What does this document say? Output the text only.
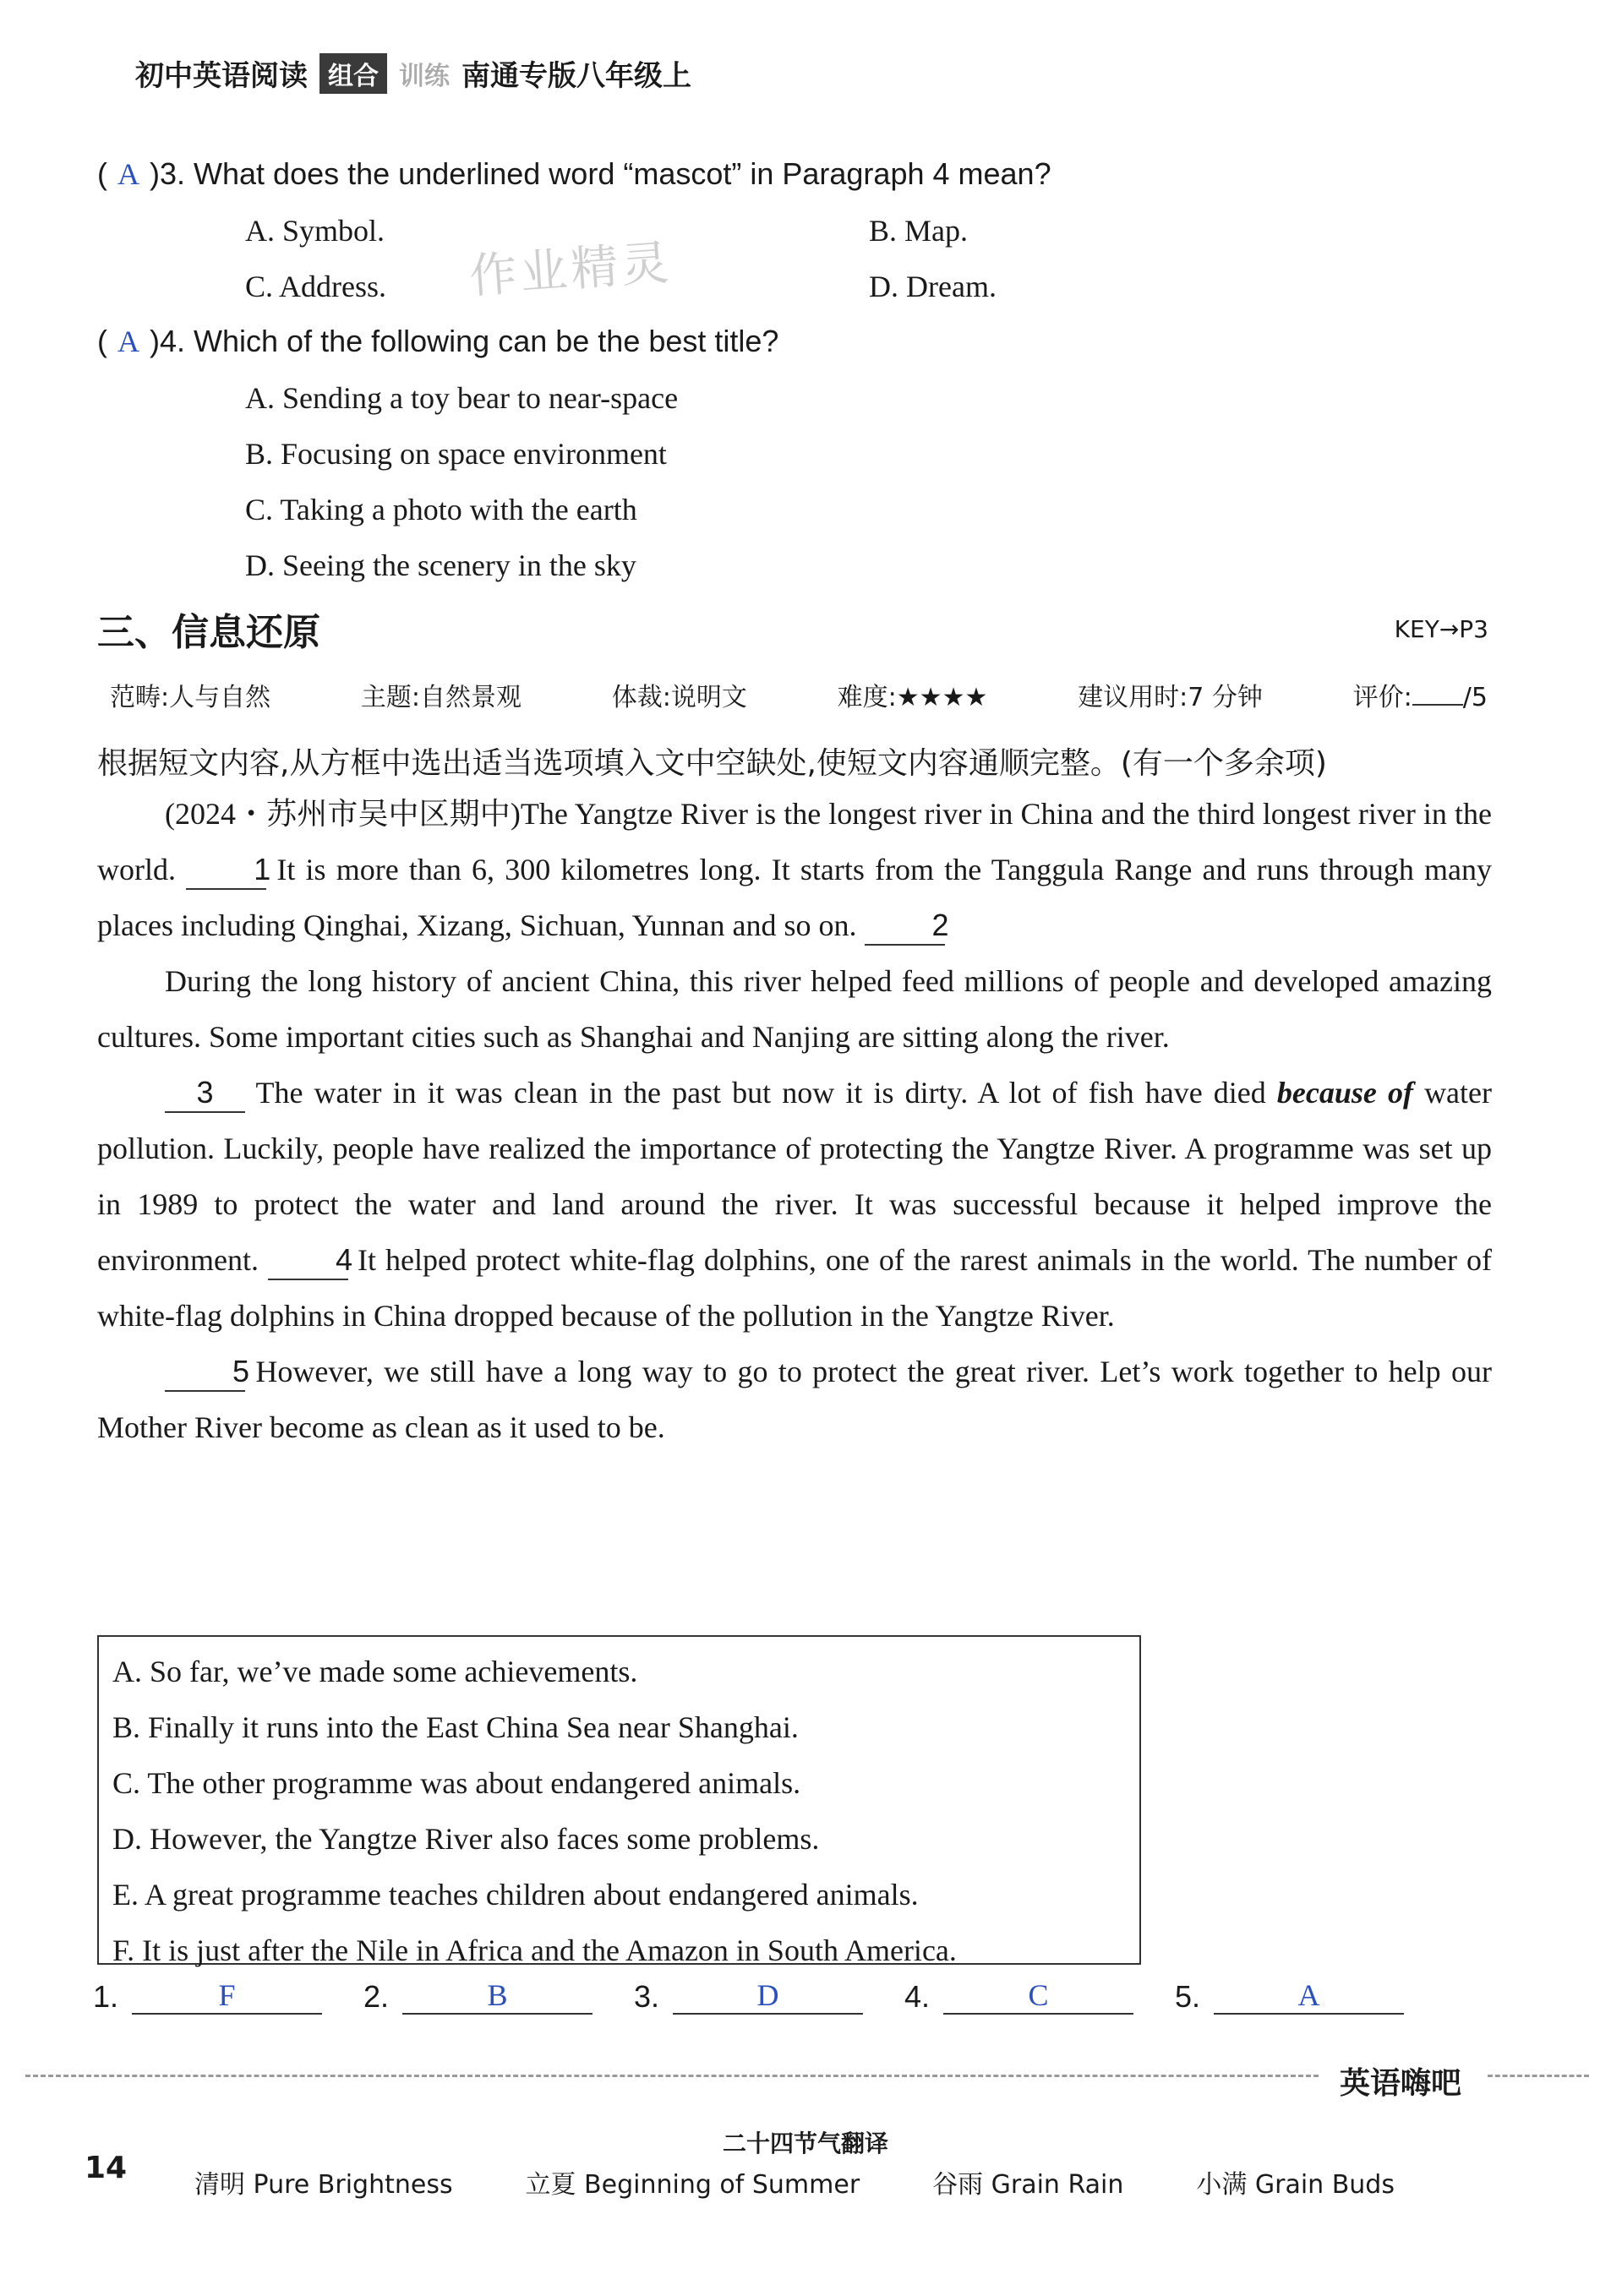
初中英语阅读 组合 训练 南通专版八年级上
作业精灵
( A )3. What does the underlined word “mascot” in Paragraph 4 mean?
A. Symbol.	B. Map.
C. Address.	D. Dream.
( A )4. Which of the following can be the best title?
A. Sending a toy bear to near-space
B. Focusing on space environment
C. Taking a photo with the earth
D. Seeing the scenery in the sky
三、信息还原	KEY→P3
范畴:人与自然	主题:自然景观	体裁:说明文	难度:★★★★	建议用时:7 分钟	评价: /5
根据短文内容,从方框中选出适当选项填入文中空缺处,使短文内容通顺完整。(有一个多余项)

(2024・苏州市吴中区期中)The Yangtze River is the longest river in China and the third longest river in the world.	1 It is more than 6, 300 kilometres long. It starts from the Tanggula Range and runs through many places including Qinghai, Xizang, Sichuan, Yunnan and so on. 2

During the long history of ancient China, this river helped feed millions of people and developed amazing cultures. Some important cities such as Shanghai and Nanjing are sitting along the river.

3 The water in it was clean in the past but now it is dirty. A lot of fish have died because of water pollution. Luckily, people have realized the importance of protecting the Yangtze River. A programme was set up in 1989 to protect the water and land around the river. It was successful because it helped improve the environment.	4 It helped protect white-flag dolphins, one of the rarest animals in the world. The number of white-flag dolphins in China dropped because of the pollution in the Yangtze River.

5 However, we still have a long way to go to protect the great river. Let’s work together to help our Mother River become as clean as it used to be.

A. So far, we’ve made some achievements.
B. Finally it runs into the East China Sea near Shanghai.
C. The other programme was about endangered animals.
D. However, the Yangtze River also faces some problems.
E. A great programme teaches children about endangered animals.
F. It is just after the Nile in Africa and the Amazon in South America.
1.	F	2.	B	3.	D	4.	C	5.	A
英语嗨吧
二十四节气翻译
14	清明 Pure Brightness	立夏 Beginning of Summer	谷雨 Grain Rain	小满 Grain Buds
